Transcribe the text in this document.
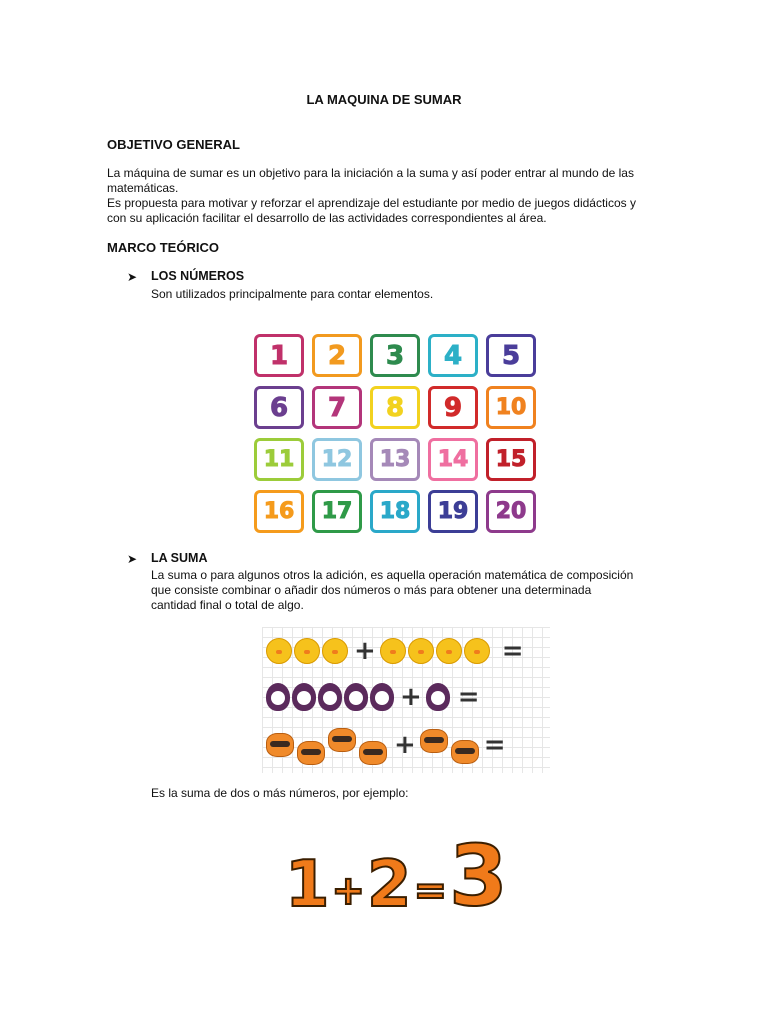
LA MAQUINA DE SUMAR
OBJETIVO GENERAL
La máquina de sumar es un objetivo para la iniciación a la suma y así poder entrar al mundo de las
matemáticas.
Es propuesta para motivar y reforzar el aprendizaje del estudiante por medio de juegos didácticos y
con su aplicación facilitar el desarrollo de las actividades correspondientes al área.
MARCO TEÓRICO
➤ LOS NÚMEROS
Son utilizados principalmente para contar elementos.
1	2	3	4	5
6	7	8	9	10
11	12	13	14	15
16	17	18	19	20
➤ LA SUMA
La suma o para algunos otros la adición, es aquella operación matemática de composición
que consiste combinar o añadir dos números o más para obtener una determinada
cantidad final o total de algo.
+	=
+ =
+	=
Es la suma de dos o más números, por ejemplo:
1 + 2 = 3
